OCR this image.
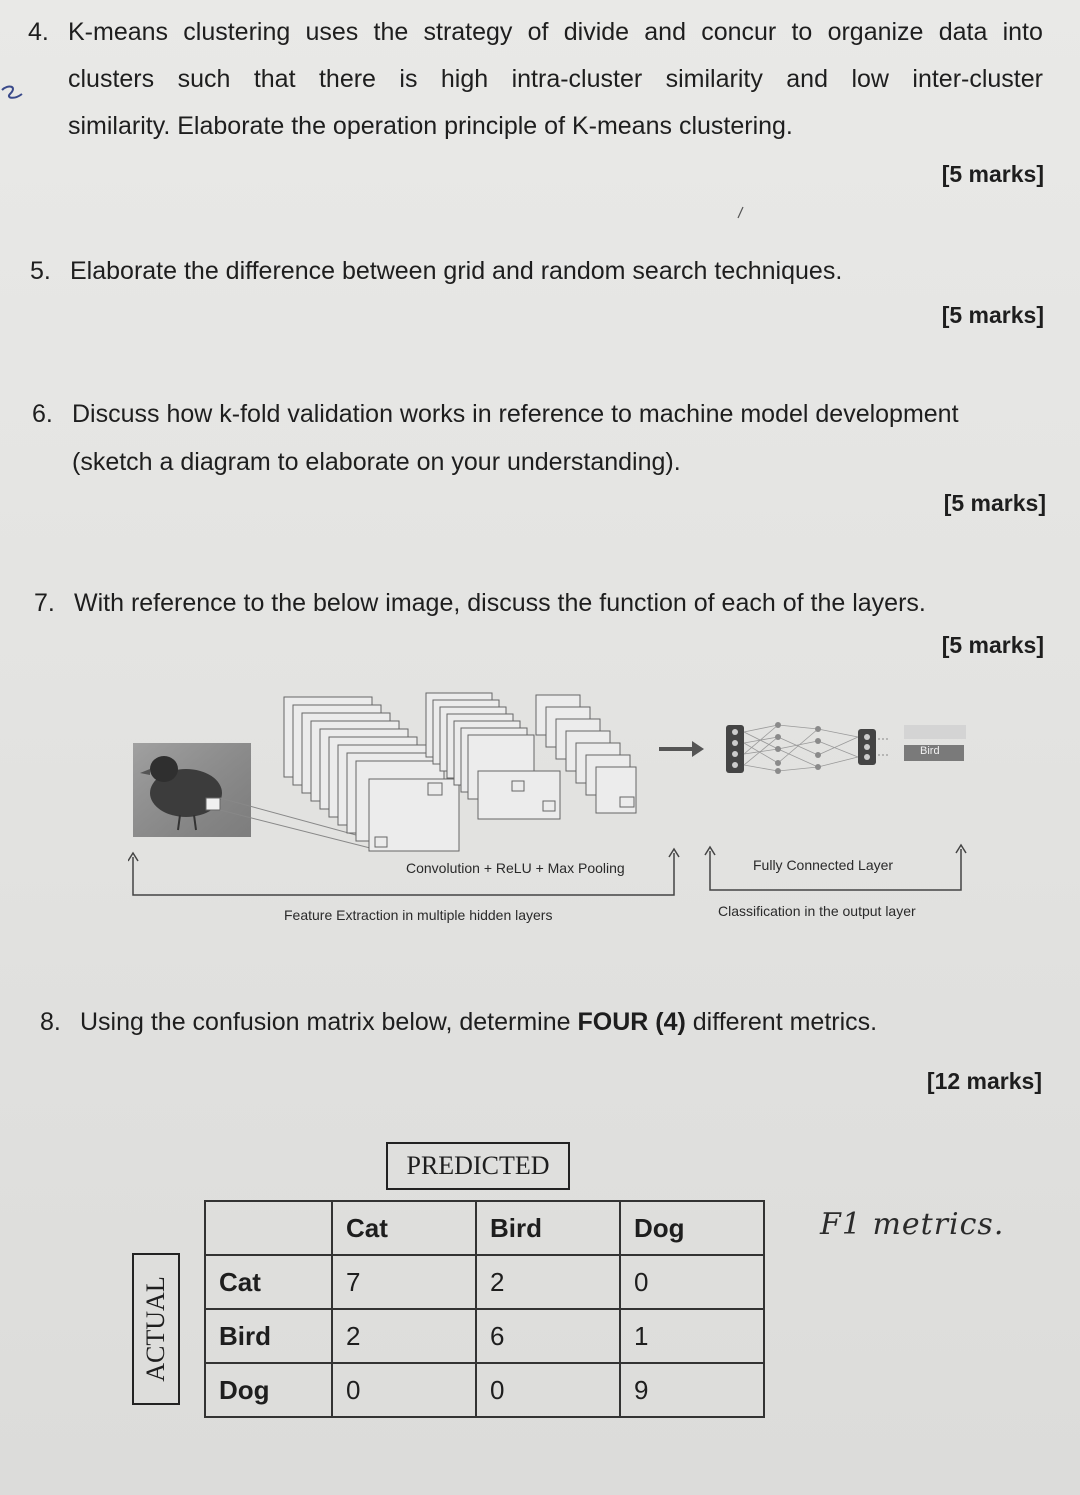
4. K-means clustering uses the strategy of divide and concur to organize data into
clusters such that there is high intra-cluster similarity and low inter-cluster
similarity. Elaborate the operation principle of K-means clustering.
[5 marks]
5. Elaborate the difference between grid and random search techniques.
[5 marks]
6. Discuss how k-fold validation works in reference to machine model development
(sketch a diagram to elaborate on your understanding).
[5 marks]
7. With reference to the below image, discuss the function of each of the layers.
[5 marks]
Convolution + ReLU + Max Pooling	Fully Connected Layer
Feature Extraction in multiple hidden layers	Classification in the output layer
Bird
8. Using the confusion matrix below, determine FOUR (4) different metrics.
[12 marks]
PREDICTED
ACTUAL
	Cat	Bird	Dog
Cat	7	2	0
Bird	2	6	1
Dog	0	0	9
F1 metrics.
